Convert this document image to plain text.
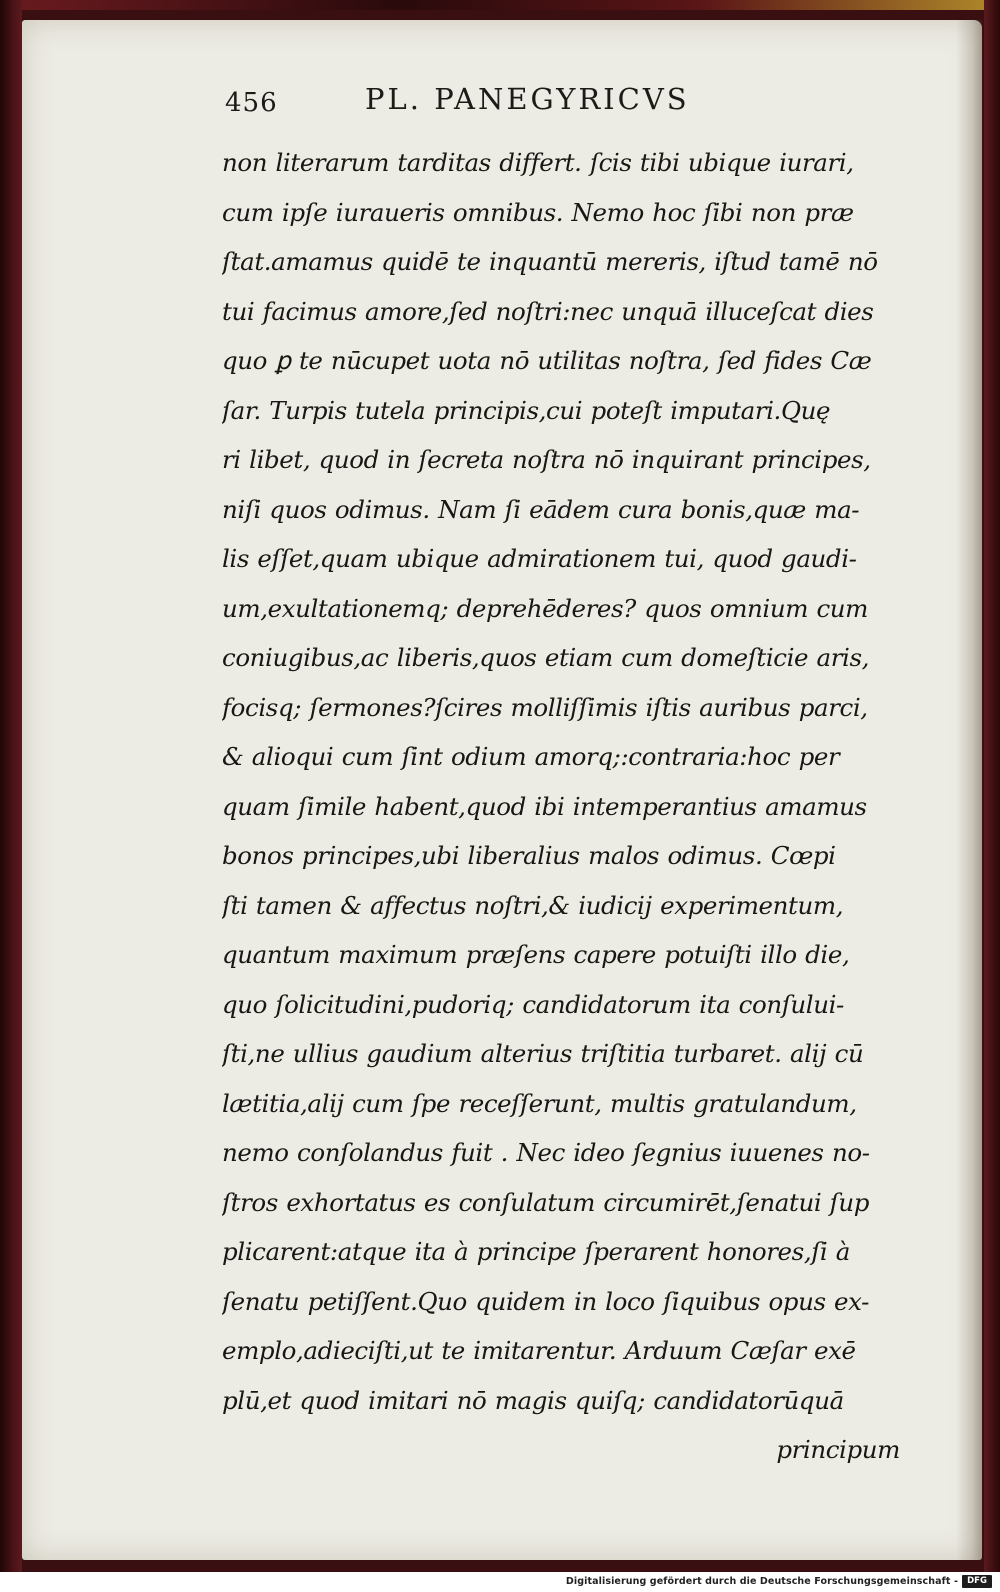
456	PL. PANEGYRICVS
non literarum tarditas differt. ſcis tibi ubique iurari,
cum ipſe iuraueris omnibus. Nemo hoc ſibi non præ
ſtat.amamus quidē te inquantū mereris, iſtud tamē nō
tui facimus amore,ſed noſtri:nec unquā illuceſcat dies
quo ꝑ te nūcupet uota nō utilitas noſtra, ſed fides Cæ
ſar. Turpis tutela principis,cui poteſt imputari.Quę
ri libet, quod in ſecreta noſtra nō inquirant principes,
niſi quos odimus. Nam ſi eādem cura bonis,quæ ma-
lis eſſet,quam ubique admirationem tui, quod gaudi-
um,exultationemq; deprehēderes? quos omnium cum
coniugibus,ac liberis,quos etiam cum domeſticie aris,
focisq; ſermones?ſcires molliſſimis iſtis auribus parci,
& alioqui cum ſint odium amorq;:contraria:hoc per
quam ſimile habent,quod ibi intemperantius amamus
bonos principes,ubi liberalius malos odimus. Cœpi
ſti tamen & affectus noſtri,& iudicij experimentum,
quantum maximum præſens capere potuiſti illo die,
quo ſolicitudini,pudoriq; candidatorum ita conſului-
ſti,ne ullius gaudium alterius triſtitia turbaret. alij cū
lætitia,alij cum ſpe receſſerunt, multis gratulandum,
nemo conſolandus fuit . Nec ideo ſegnius iuuenes no-
ſtros exhortatus es conſulatum circumirēt,ſenatui ſup
plicarent:atque ita à principe ſperarent honores,ſi à
ſenatu petiſſent.Quo quidem in loco ſiquibus opus ex-
emplo,adieciſti,ut te imitarentur. Arduum Cæſar exē
plū,et quod imitari nō magis quiſq; candidatorūquā
principum
Digitalisierung gefördert durch die Deutsche Forschungsgemeinschaft -	DFG
